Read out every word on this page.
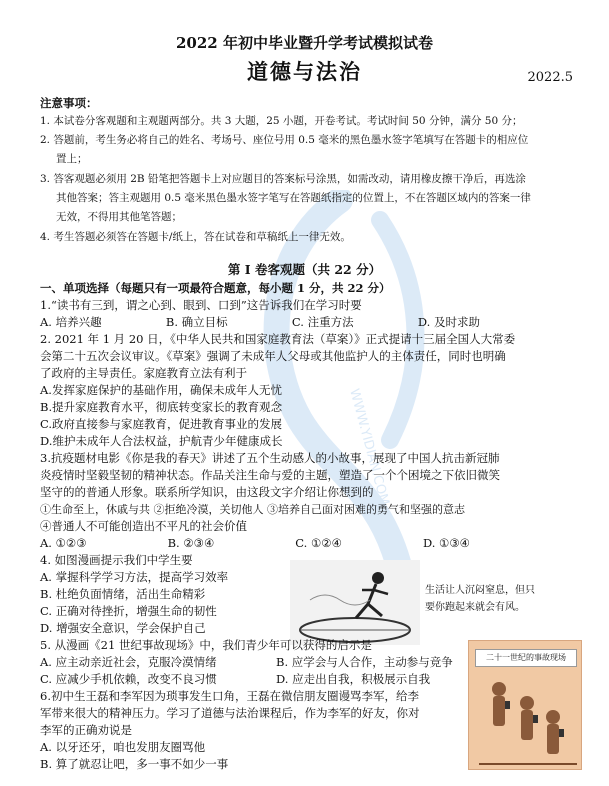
WWW.YIDIAN.COM
2022 年初中毕业暨升学考试模拟试卷
道德与法治	2022.5
注意事项：
1. 本试卷分客观题和主观题两部分。共 3 大题，25 小题，开卷考试。考试时间 50 分钟，满分 50 分；
2. 答题前，考生务必将自己的姓名、考场号、座位号用 0.5 毫米的黑色墨水签字笔填写在答题卡的相应位
置上；
3. 答客观题必须用 2B 铅笔把答题卡上对应题目的答案标号涂黑，如需改动，请用橡皮擦干净后，再选涂
其他答案；答主观题用 0.5 毫米黑色墨水签字笔写在答题纸指定的位置上，不在答题区域内的答案一律
无效，不得用其他笔答题；
4. 考生答题必须答在答题卡/纸上，答在试卷和草稿纸上一律无效。
第 Ⅰ 卷客观题（共 22 分）
一、单项选择（每题只有一项最符合题意，每小题 1 分，共 22 分）
1.“读书有三到，谓之心到、眼到、口到”这告诉我们在学习时要
A. 培养兴趣	B. 确立目标	C. 注重方法	D. 及时求助
2. 2021 年 1 月 20 日，《中华人民共和国家庭教育法（草案）》正式提请十三届全国人大常委
会第二十五次会议审议。《草案》强调了未成年人父母或其他监护人的主体责任，同时也明确
了政府的主导责任。家庭教育立法有利于
A.发挥家庭保护的基础作用，确保未成年人无忧
B.提升家庭教育水平，彻底转变家长的教育观念
C.政府直接参与家庭教育，促进教育事业的发展
D.维护未成年人合法权益，护航青少年健康成长
3.抗疫题材电影《你是我的春天》讲述了五个生动感人的小故事，展现了中国人抗击新冠肺
炎疫情时坚毅坚韧的精神状态。作品关注生命与爱的主题，塑造了一个个困境之下依旧微笑
坚守的的普通人形象。联系所学知识，由这段文字介绍让你想到的
①生命至上，休戚与共 ②拒绝冷漠，关切他人 ③培养自己面对困难的勇气和坚强的意志
④普通人不可能创造出不平凡的社会价值
A. ①②③	B. ②③④	C. ①②④	D. ①③④
4. 如图漫画提示我们中学生要
A. 掌握科学学习方法，提高学习效率
B. 杜绝负面情绪，活出生命精彩
C. 正确对待挫折，增强生命的韧性
D. 增强安全意识，学会保护自己
生活让人沉闷窒息，但只
要你跑起来就会有风。
5. 从漫画《21 世纪事故现场》中，我们青少年可以获得的启示是
A. 应主动亲近社会，克服冷漠情绪	B. 应学会与人合作，主动参与竞争
C. 应减少手机依赖，改变不良习惯	D. 应走出自我，积极展示自我
6.初中生王磊和李军因为琐事发生口角，王磊在微信朋友圈谩骂李军，给李
军带来很大的精神压力。学习了道德与法治课程后，作为李军的好友，你对
李军的正确劝说是
A. 以牙还牙，咱也发朋友圈骂他
B. 算了就忍让吧，多一事不如少一事
二十一世纪的事故现场
